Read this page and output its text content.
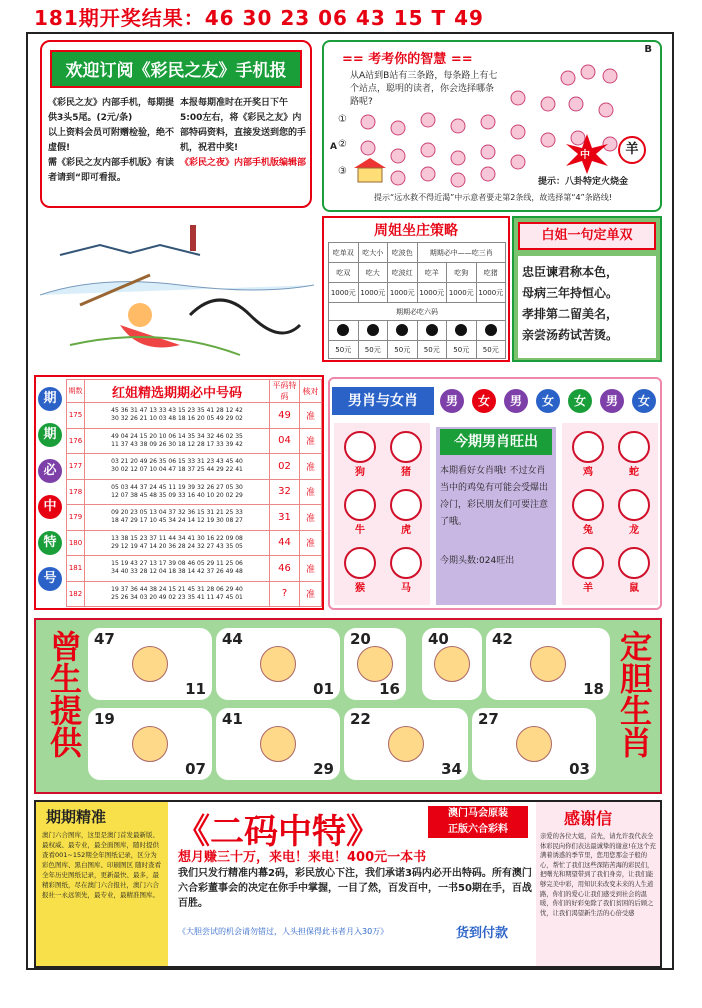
181期开奖结果：46 30 23 06 43 15 T 49
欢迎订阅《彩民之友》手机报
《彩民之友》内部手机，每期提供3头5尾。(2元/条)
以上资料会员可附赠检验，绝不虚假!
需《彩民之友内部手机版》有读者请到“即可看报。
本报每期准时在开奖日下午5:00左右，将《彩民之友》内部特码资料，直接发送到您的手机，祝君中奖!
《彩民之夜》内部手机版编辑部
== 考考你的智慧 ==
B
从A站到B站有三条路，每条路上有七个站点，聪明的读者，你会选择哪条路呢?
①
②
③
A
中	羊
提示：八卦特定火烧金
提示“远水救不得近渴”中示意者要走第2条线，故选择第“4”条路线!
周姐坐庄策略
吃单双	吃大小	吃波色	期期必中——吃三肖		
吃双	吃大	吃波红	吃羊	吃狗	吃猪
1000元	1000元	1000元	1000元	1000元	1000元
期期必吃六码					

50元	50元	50元	50元	50元	50元
白姐一句定单双
忠臣谏君称本色，
母病三年持恒心。
孝排第二留美名，
亲尝汤药试苦烫。
期
期
必
中
特
号
期数	红姐精选期期必中号码	平码特码	核对
175	45 36 31 47 13 33 43 15 23 35 41 28 12 42
30 32 26 21 10 03 48 18 16 20 05 49 29 02	49	准
176	49 04 24 15 20 10 06 14 35 34 32 46 02 35
11 37 43 38 09 26 30 18 12 28 17 33 39 42	04	准
177	03 21 20 49 26 35 06 15 33 31 23 43 45 40
30 02 12 07 10 04 47 18 37 25 44 29 22 41	02	准
178	05 03 44 37 24 45 11 19 39 32 26 27 05 30
12 07 38 45 48 35 09 33 16 40 10 20 02 29	32	准
179	09 20 23 05 13 04 37 32 36 15 31 21 25 33
18 47 29 17 10 45 34 24 14 12 19 30 08 27	31	准
180	13 38 15 23 37 11 44 34 41 30 16 22 09 08
29 12 19 47 14 20 36 28 24 32 27 43 35 05	44	准
181	15 19 43 27 13 17 39 08 46 05 29 11 25 06
34 40 33 28 12 04 18 38 14 42 37 26 49 48	46	准
182	19 37 36 44 38 24 15 21 45 31 28 06 29 40
25 26 34 03 20 49 02 23 35 41 11 47 45 01	?	准
男肖与女肖	男	女	男	女	女	男	女
狗	猪
牛	虎
猴	马
今期男肖旺出
本期看好女肖哦! 不过女肖当中的鸡兔有可能会受爆出冷门，彩民朋友们可要注意了哦。
今期头数:024旺出
鸡	蛇
兔	龙
羊	鼠
曾生提供	定胆生肖
47
11
44
01
20
16
40	42
18
19
07
41
29
22
34
27
03
期期精准
澳门六合图库，这里是澳门首发最新版、最权威、最专业，最全面图库，随时提供查看001~152期全年图纸记录，区分为彩色图库、黑白图库、印刷图区 随时查看全年历史图纸记录，更新最快、最多，最精彩图纸，尽在澳门六合报社，澳门六合报社一永远领先，最专业，最精准图库。
《二码中特》	澳门马会原装
正版六合彩料
想月赚三十万，来电！来电！400元一本书
我们只发行精准内幕2码，彩民放心下注，我们承诺3码内必开出特码。所有澳门六合彩董事会的决定在你手中掌握，一目了然，百发百中，一书50期在手，百战百胜。
《大胆尝试的机会请勿错过，人头担保得此书者月入30万》	货到付款
感谢信
亲爱的各位大姐，首先，请允许我代表全体彩民向你们表达最诚挚的谢意!在这个充满着诱惑的季节里，您用您那金子般的心，帮忙了我们这些深陷苦海的彩民们，把曙光和期望带到了我们身旁，让我们能够完美中彩，用知识来改变未来的人生道路，你们的爱心让我们感受到社会的温暖，你们的好彩免除了我们贫困的后顾之忧，让我们渴望新生活的心倍受感
